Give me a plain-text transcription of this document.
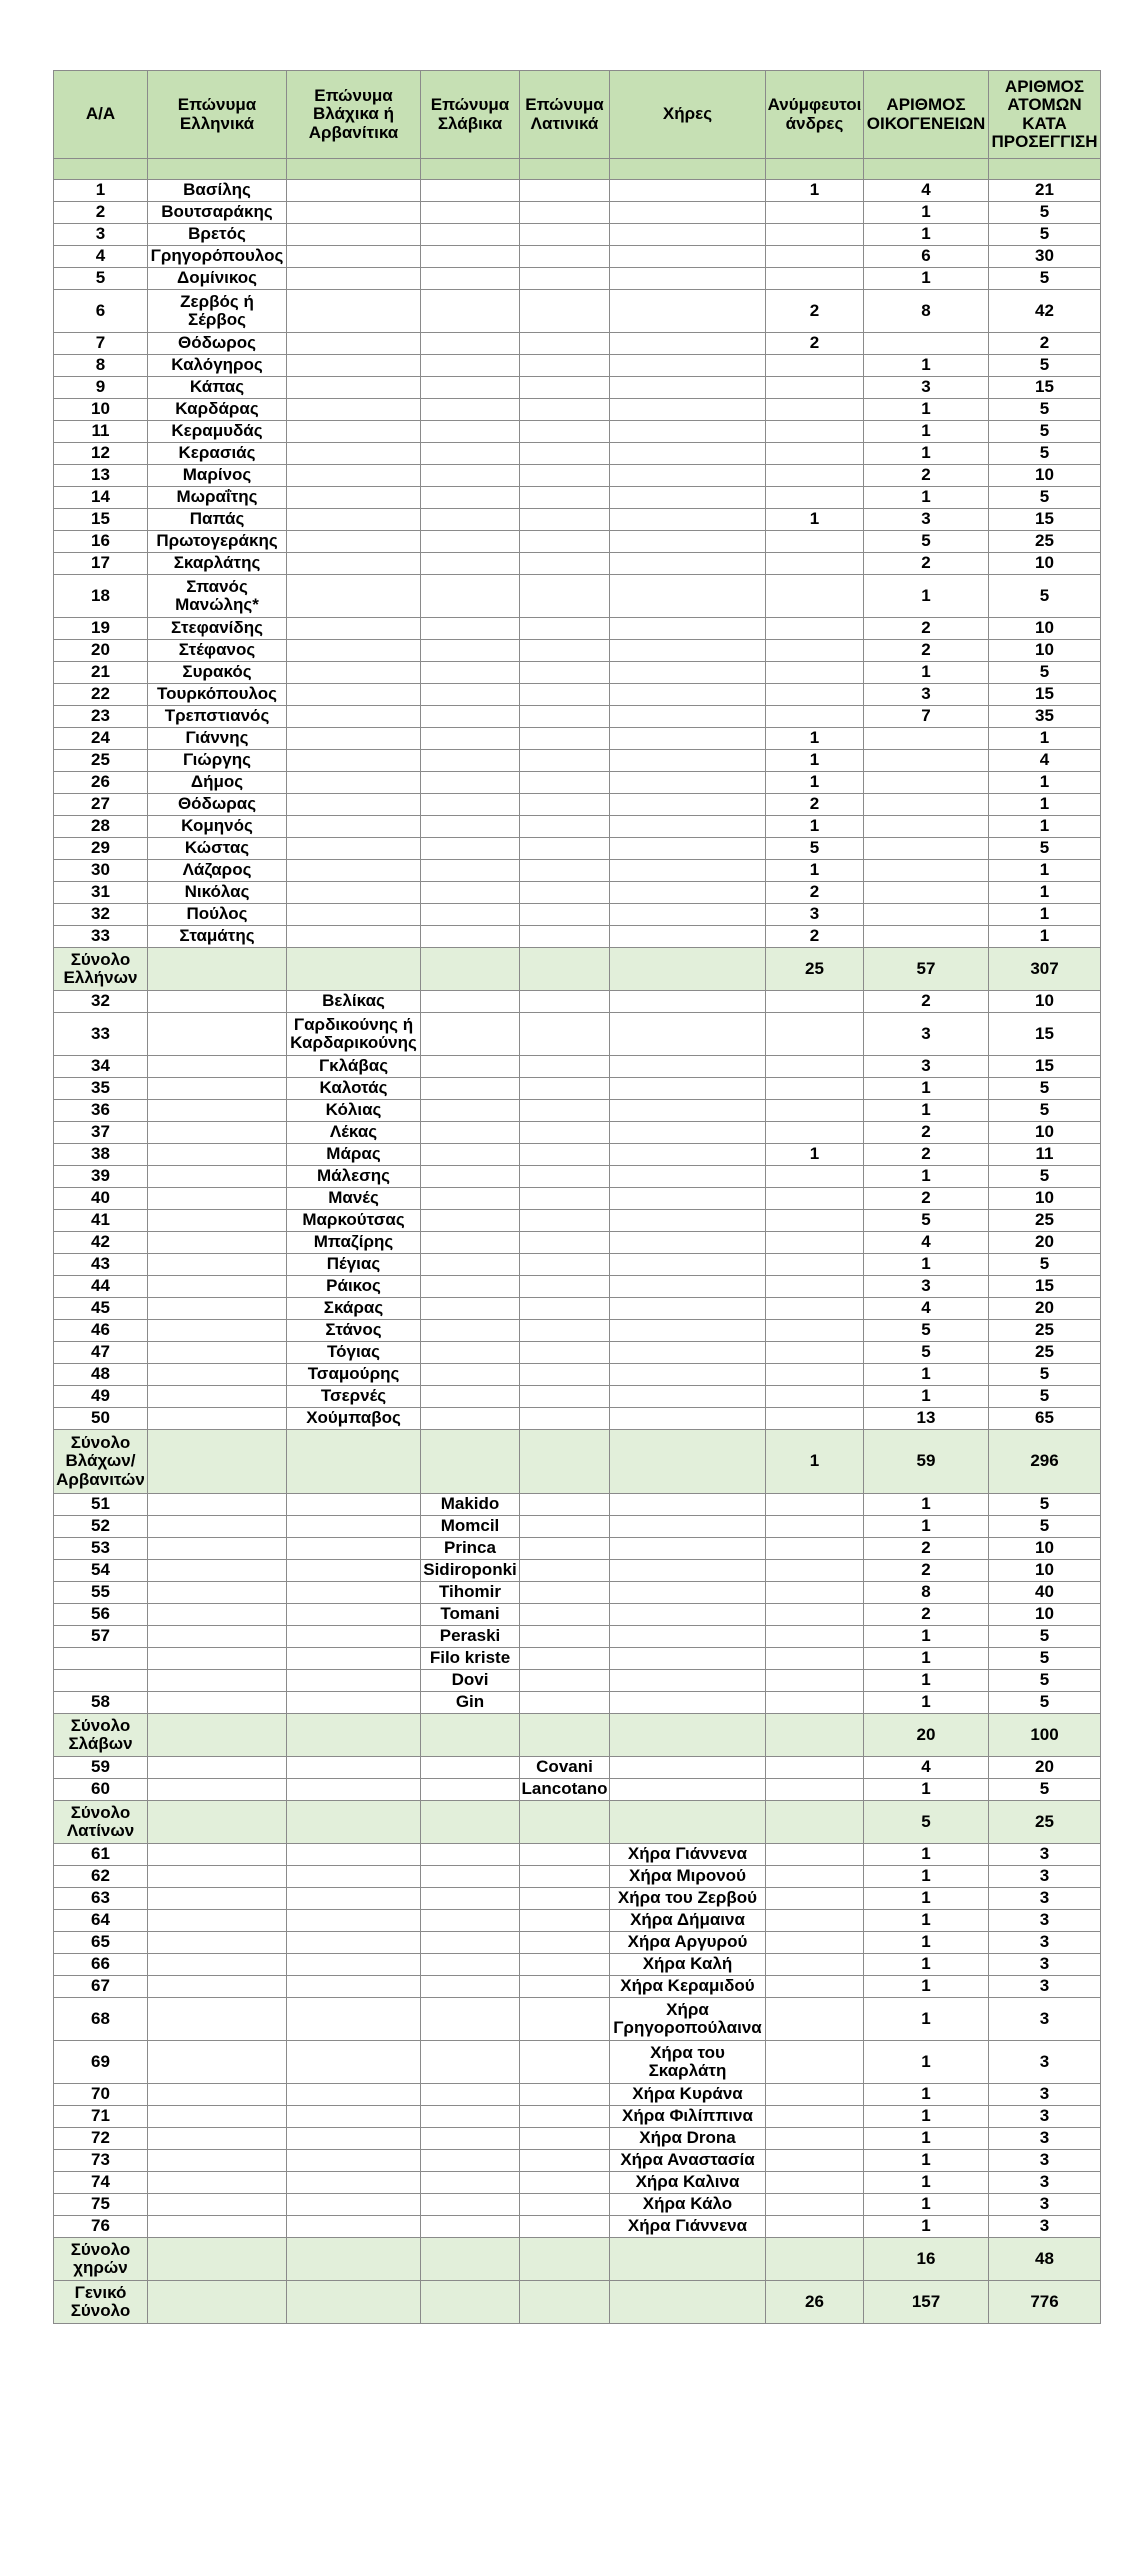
Α/Α	Επώνυμα Ελληνικά	Επώνυμα Βλάχικα ή Αρβανίτικα	Επώνυμα Σλάβικα	Επώνυμα Λατινικά	Χήρες	Ανύμφευτοι άνδρες	ΑΡΙΘΜΟΣ ΟΙΚΟΓΕΝΕΙΩΝ	ΑΡΙΘΜΟΣ ΑΤΟΜΩΝ ΚΑΤΑ ΠΡΟΣΕΓΓΙΣΗ

1	Βασίλης					1	4	21
2	Βουτσαράκης						1	5
3	Βρετός						1	5
4	Γρηγορόπουλος						6	30
5	Δομίνικος						1	5
6	Ζερβός ή Σέρβος					2	8	42
7	Θόδωρος					2		2
8	Καλόγηρος						1	5
9	Κάπας						3	15
10	Καρδάρας						1	5
11	Κεραμυδάς						1	5
12	Κερασιάς						1	5
13	Μαρίνος						2	10
14	Μωραΐτης						1	5
15	Παπάς					1	3	15
16	Πρωτογεράκης						5	25
17	Σκαρλάτης						2	10
18	Σπανός Μανώλης*						1	5
19	Στεφανίδης						2	10
20	Στέφανος						2	10
21	Συρακός						1	5
22	Τουρκόπουλος						3	15
23	Τρεπστιανός						7	35
24	Γιάννης					1		1
25	Γιώργης					1		4
26	Δήμος					1		1
27	Θόδωρας					2		1
28	Κομηνός					1		1
29	Κώστας					5		5
30	Λάζαρος					1		1
31	Νικόλας					2		1
32	Πούλος					3		1
33	Σταμάτης					2		1
Σύνολο Ελλήνων						25	57	307
32		Βελίκας					2	10
33		Γαρδικούνης ή Καρδαρικούνης					3	15
34		Γκλάβας					3	15
35		Καλοτάς					1	5
36		Κόλιας					1	5
37		Λέκας					2	10
38		Μάρας				1	2	11
39		Μάλεσης					1	5
40		Μανές					2	10
41		Μαρκούτσας					5	25
42		Μπαζίρης					4	20
43		Πέγιας					1	5
44		Ράικος					3	15
45		Σκάρας					4	20
46		Στάνος					5	25
47		Τόγιας					5	25
48		Τσαμούρης					1	5
49		Τσερνές					1	5
50		Χούμπαβος					13	65
Σύνολο Βλάχων/ Αρβανιτών						1	59	296
51			Makido				1	5
52			Momcil				1	5
53			Princa				2	10
54			Sidiroponki				2	10
55			Tihomir				8	40
56			Tomani				2	10
57			Peraski				1	5
			Filo kriste				1	5
			Dovi				1	5
58			Gin				1	5
Σύνολο Σλάβων							20	100
59				Covani			4	20
60				Lancotano			1	5
Σύνολο Λατίνων							5	25
61					Χήρα Γιάννενα		1	3
62					Χήρα Μιρονού		1	3
63					Χήρα του Ζερβού		1	3
64					Χήρα Δήμαινα		1	3
65					Χήρα Αργυρού		1	3
66					Χήρα Καλή		1	3
67					Χήρα Κεραμιδού		1	3
68					Χήρα Γρηγοροπούλαινα		1	3
69					Χήρα του Σκαρλάτη		1	3
70					Χήρα Κυράνα		1	3
71					Χήρα Φιλίππινα		1	3
72					Χήρα Drona		1	3
73					Χήρα Αναστασία		1	3
74					Χήρα Καλινα		1	3
75					Χήρα Κάλο		1	3
76					Χήρα Γιάννενα		1	3
Σύνολο χηρών							16	48
Γενικό Σύνολο						26	157	776
